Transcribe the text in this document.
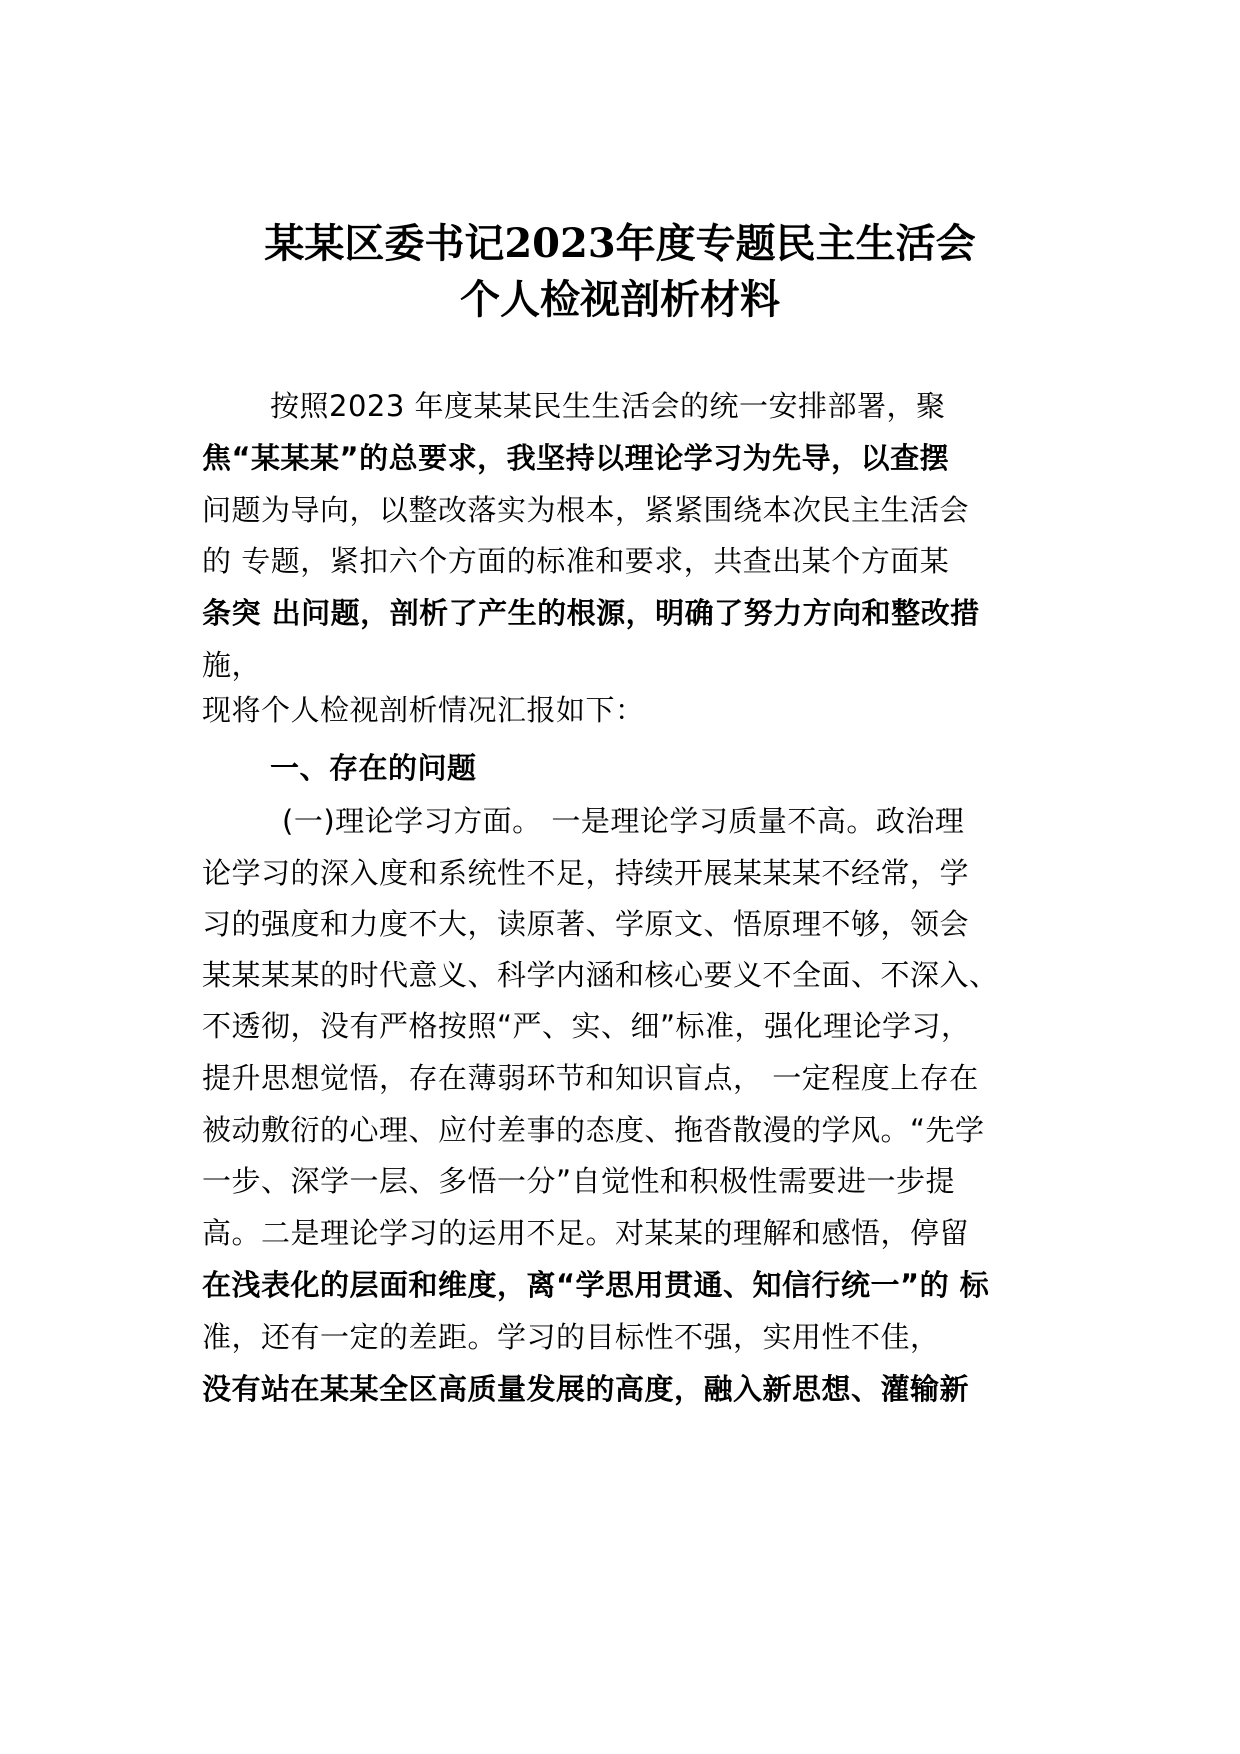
某某区委书记2023年度专题民主生活会
个人检视剖析材料

按照2023 年度某某民生生活会的统一安排部署，聚

焦“某某某”的总要求，我坚持以理论学习为先导，以查摆

问题为导向，以整改落实为根本，紧紧围绕本次民主生活会

的 专题，紧扣六个方面的标准和要求，共查出某个方面某

条突 出问题，剖析了产生的根源，明确了努力方向和整改措

施，

现将个人检视剖析情况汇报如下：

一、存在的问题

(一)理论学习方面。 一是理论学习质量不高。政治理

论学习的深入度和系统性不足，持续开展某某某不经常，学

习的强度和力度不大，读原著、学原文、悟原理不够，领会

某某某某的时代意义、科学内涵和核心要义不全面、不深入、

不透彻，没有严格按照“严、实、细”标准，强化理论学习，

提升思想觉悟，存在薄弱环节和知识盲点， 一定程度上存在

被动敷衍的心理、应付差事的态度、拖沓散漫的学风。“先学

一步、深学一层、多悟一分”自觉性和积极性需要进一步提

高。二是理论学习的运用不足。对某某的理解和感悟，停留

在浅表化的层面和维度，离“学思用贯通、知信行统一”的 标

准，还有一定的差距。学习的目标性不强，实用性不佳，

没有站在某某全区高质量发展的高度，融入新思想、灌输新
